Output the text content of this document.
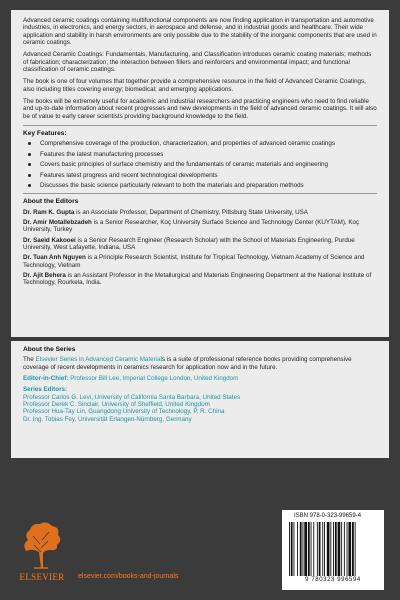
Advanced ceramic coatings containing multifunctional components are now finding application in transportation and automotive industries, in electronics, and energy sectors, in aerospace and defense, and in industrial goods and healthcare. Their wide application and stability in harsh environments are only possible due to the stability of the inorganic components that are used in ceramic coatings.

Advanced Ceramic Coatings: Fundamentals, Manufacturing, and Classification introduces ceramic coating materials; methods of fabrication; characterization; the interaction between fillers and reinforcers and environmental impact; and functional classification of ceramic coatings.

The book is one of four volumes that together provide a comprehensive resource in the field of Advanced Ceramic Coatings, also including titles covering energy; biomedical; and emerging applications.

The books will be extremely useful for academic and industrial researchers and practicing engineers who need to find reliable and up-to-date information about recent progresses and new developments in the field of advanced ceramic coatings. It will also be of value to early career scientists providing background knowledge to the field.

Key Features:
Comprehensive coverage of the production, characterization, and properties of advanced ceramic coatings
Features the latest manufacturing processes
Covers basic principles of surface chemistry and the fundamentals of ceramic materials and engineering
Features latest progress and recent technological developments
Discusses the basic science particularly relevant to both the materials and preparation methods
About the Editors
Dr. Ram K. Gupta is an Associate Professor, Department of Chemistry, Pittsburg State University, USA
Dr. Amir Motallebzadeh is a Senior Researcher, Koç University Surface Science and Technology Center (KUYTAM), Koç University, Turkey
Dr. Saeid Kakooei is a Senior Research Engineer (Research Scholar) with the School of Materials Engineering, Purdue University, West Lafayette, Indiana, USA
Dr. Tuan Anh Nguyen is a Principle Research Scientist, Institute for Tropical Technology, Vietnam Academy of Science and Technology, Vietnam
Dr. Ajit Behera is an Assistant Professor in the Metallurgical and Materials Engineering Department at the National Institute of Technology, Rourkela, India.
About the Series

The Elsevier Series in Advanced Ceramic Materials is a suite of professional reference books providing comprehensive coverage of recent developments in ceramics research for application now and in the future.

Editor-in-Chief: Professor Bill Lee, Imperial College London, United Kingdom

Series Editors:
Professor Carlos G. Levi, University of California Santa Barbara, United States
Professor Derek C. Sinclair, University of Sheffield, United Kingdom
Professor Hua-Tay Lin, Guangdong University of Technology, P. R. China
Dr. Ing. Tobias Fey, Universität Erlangen-Nürnberg, Germany
ELSEVIER	elsevier.com/books-and-journals
ISBN 978-0-323-99659-4
9 780323 996594
